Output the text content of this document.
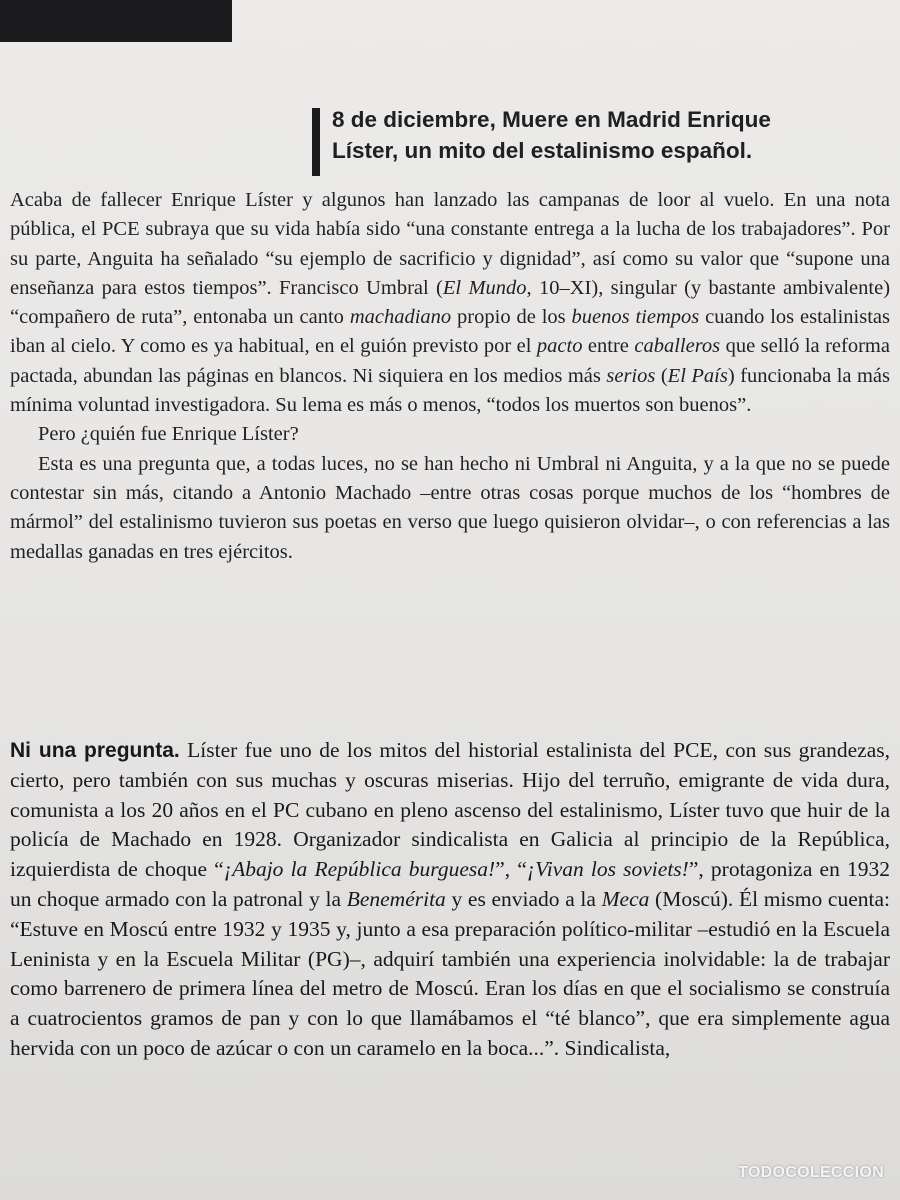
8 de diciembre, Muere en Madrid Enrique
Líster, un mito del estalinismo español.

Acaba de fallecer Enrique Líster y algunos han lanzado las campanas de loor al vuelo. En una nota pública, el PCE subraya que su vida había sido “una constante entrega a la lucha de los trabajadores”. Por su parte, Anguita ha señalado “su ejemplo de sacrificio y dignidad”, así como su valor que “supone una enseñanza para estos tiempos”. Francisco Umbral (El Mundo, 10–XI), singular (y bastante ambivalente) “compañero de ruta”, entonaba un canto machadiano propio de los buenos tiempos cuando los estalinistas iban al cielo. Y como es ya habitual, en el guión previsto por el pacto entre caballeros que selló la reforma pactada, abundan las páginas en blancos. Ni siquiera en los medios más serios (El País) funcionaba la más mínima voluntad investigadora. Su lema es más o menos, “todos los muertos son buenos”.

Pero ¿quién fue Enrique Líster?

Esta es una pregunta que, a todas luces, no se han hecho ni Umbral ni Anguita, y a la que no se puede contestar sin más, citando a Antonio Machado –entre otras cosas porque muchos de los “hombres de mármol” del estalinismo tuvieron sus poetas en verso que luego quisieron olvidar–, o con referencias a las medallas ganadas en tres ejércitos.

Ni una pregunta. Líster fue uno de los mitos del historial estalinista del PCE, con sus grandezas, cierto, pero también con sus muchas y oscuras miserias. Hijo del terruño, emigrante de vida dura, comunista a los 20 años en el PC cubano en pleno ascenso del estalinismo, Líster tuvo que huir de la policía de Machado en 1928. Organizador sindicalista en Galicia al principio de la República, izquierdista de choque “¡Abajo la República burguesa!”, “¡Vivan los soviets!”, protagoniza en 1932 un choque armado con la patronal y la Benemérita y es enviado a la Meca (Moscú). Él mismo cuenta: “Estuve en Moscú entre 1932 y 1935 y, junto a esa preparación político-militar –estudió en la Escuela Leninista y en la Escuela Militar (PG)–, adquirí también una experiencia inolvidable: la de trabajar como barrenero de primera línea del metro de Moscú. Eran los días en que el socialismo se construía a cuatrocientos gramos de pan y con lo que llamábamos el “té blanco”, que era simplemente agua hervida con un poco de azúcar o con un caramelo en la boca...”. Sindicalista,

TODOCOLECCION
